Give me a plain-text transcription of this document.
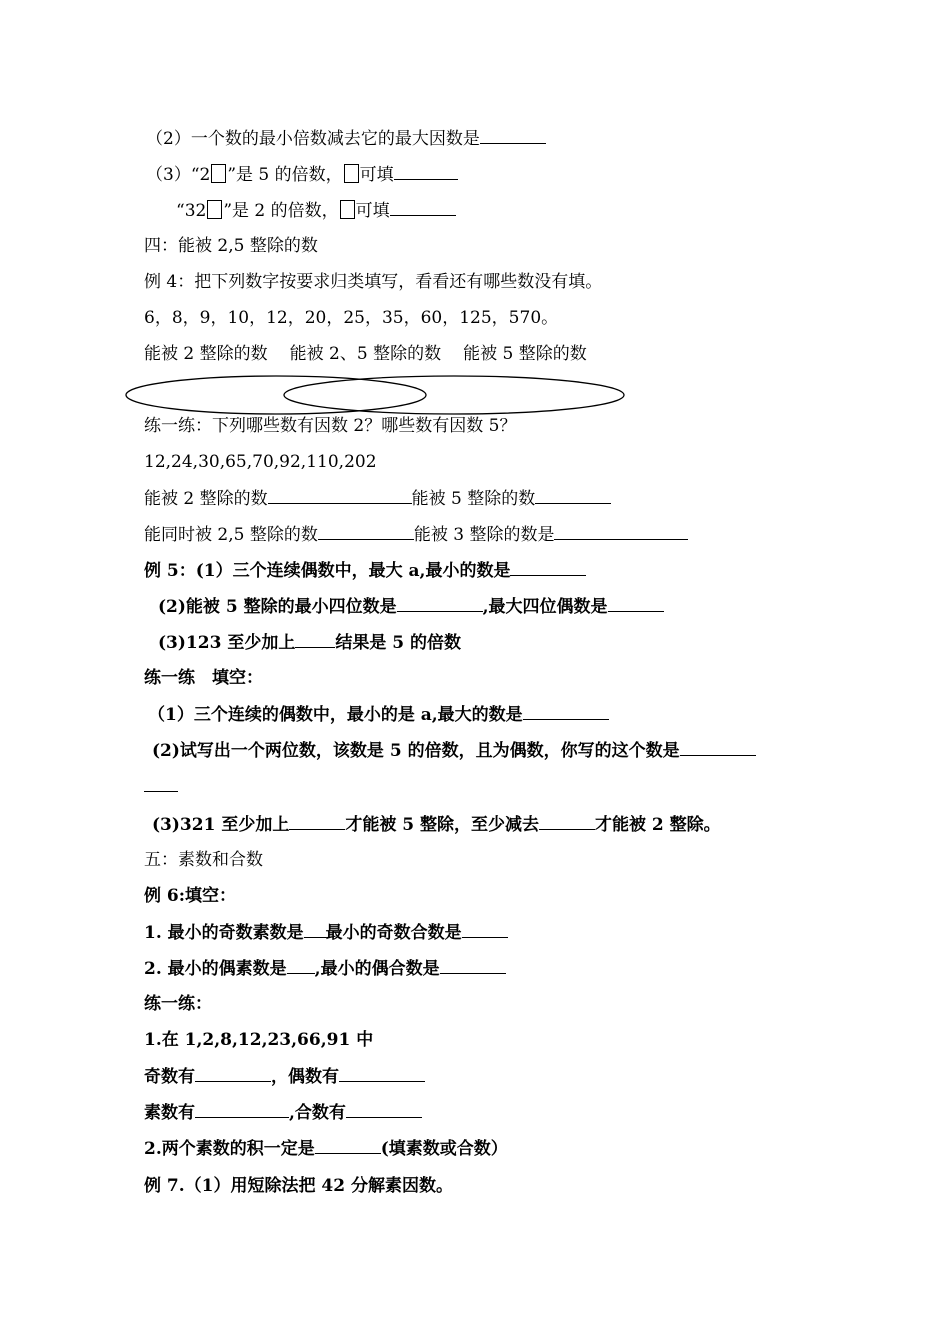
（2）一个数的最小倍数减去它的最大因数是
（3）“2 ”是 5 的倍数， 可填
“32 ”是 2 的倍数， 可填
四：能被 2,5 整除的数
例 4：把下列数字按要求归类填写，看看还有哪些数没有填。
6，8，9，10，12，20，25，35，60，125，570。
能被 2 整除的数 能被 2、5 整除的数 能被 5 整除的数
练一练：下列哪些数有因数 2？哪些数有因数 5？
12,24,30,65,70,92,110,202
能被 2 整除的数	能被 5 整除的数
能同时被 2,5 整除的数	能被 3 整除的数是
例 5：(1）三个连续偶数中，最大 a,最小的数是
(2)能被 5 整除的最小四位数是	,最大四位偶数是
(3)123 至少加上 结果是 5 的倍数
练一练　填空：
（1）三个连续的偶数中，最小的是 a,最大的数是
(2)试写出一个两位数，该数是 5 的倍数，且为偶数，你写的这个数是
(3)321 至少加上	才能被 5 整除，至少减去	才能被 2 整除。
五：素数和合数
例 6:填空：
1. 最小的奇数素数是 最小的奇数合数是
2. 最小的偶素数是 ,最小的偶合数是
练一练：
1.在 1,2,8,12,23,66,91 中
奇数有	，偶数有
素数有	,合数有
2.两个素数的积一定是	(填素数或合数）
例 7.（1）用短除法把 42 分解素因数。
